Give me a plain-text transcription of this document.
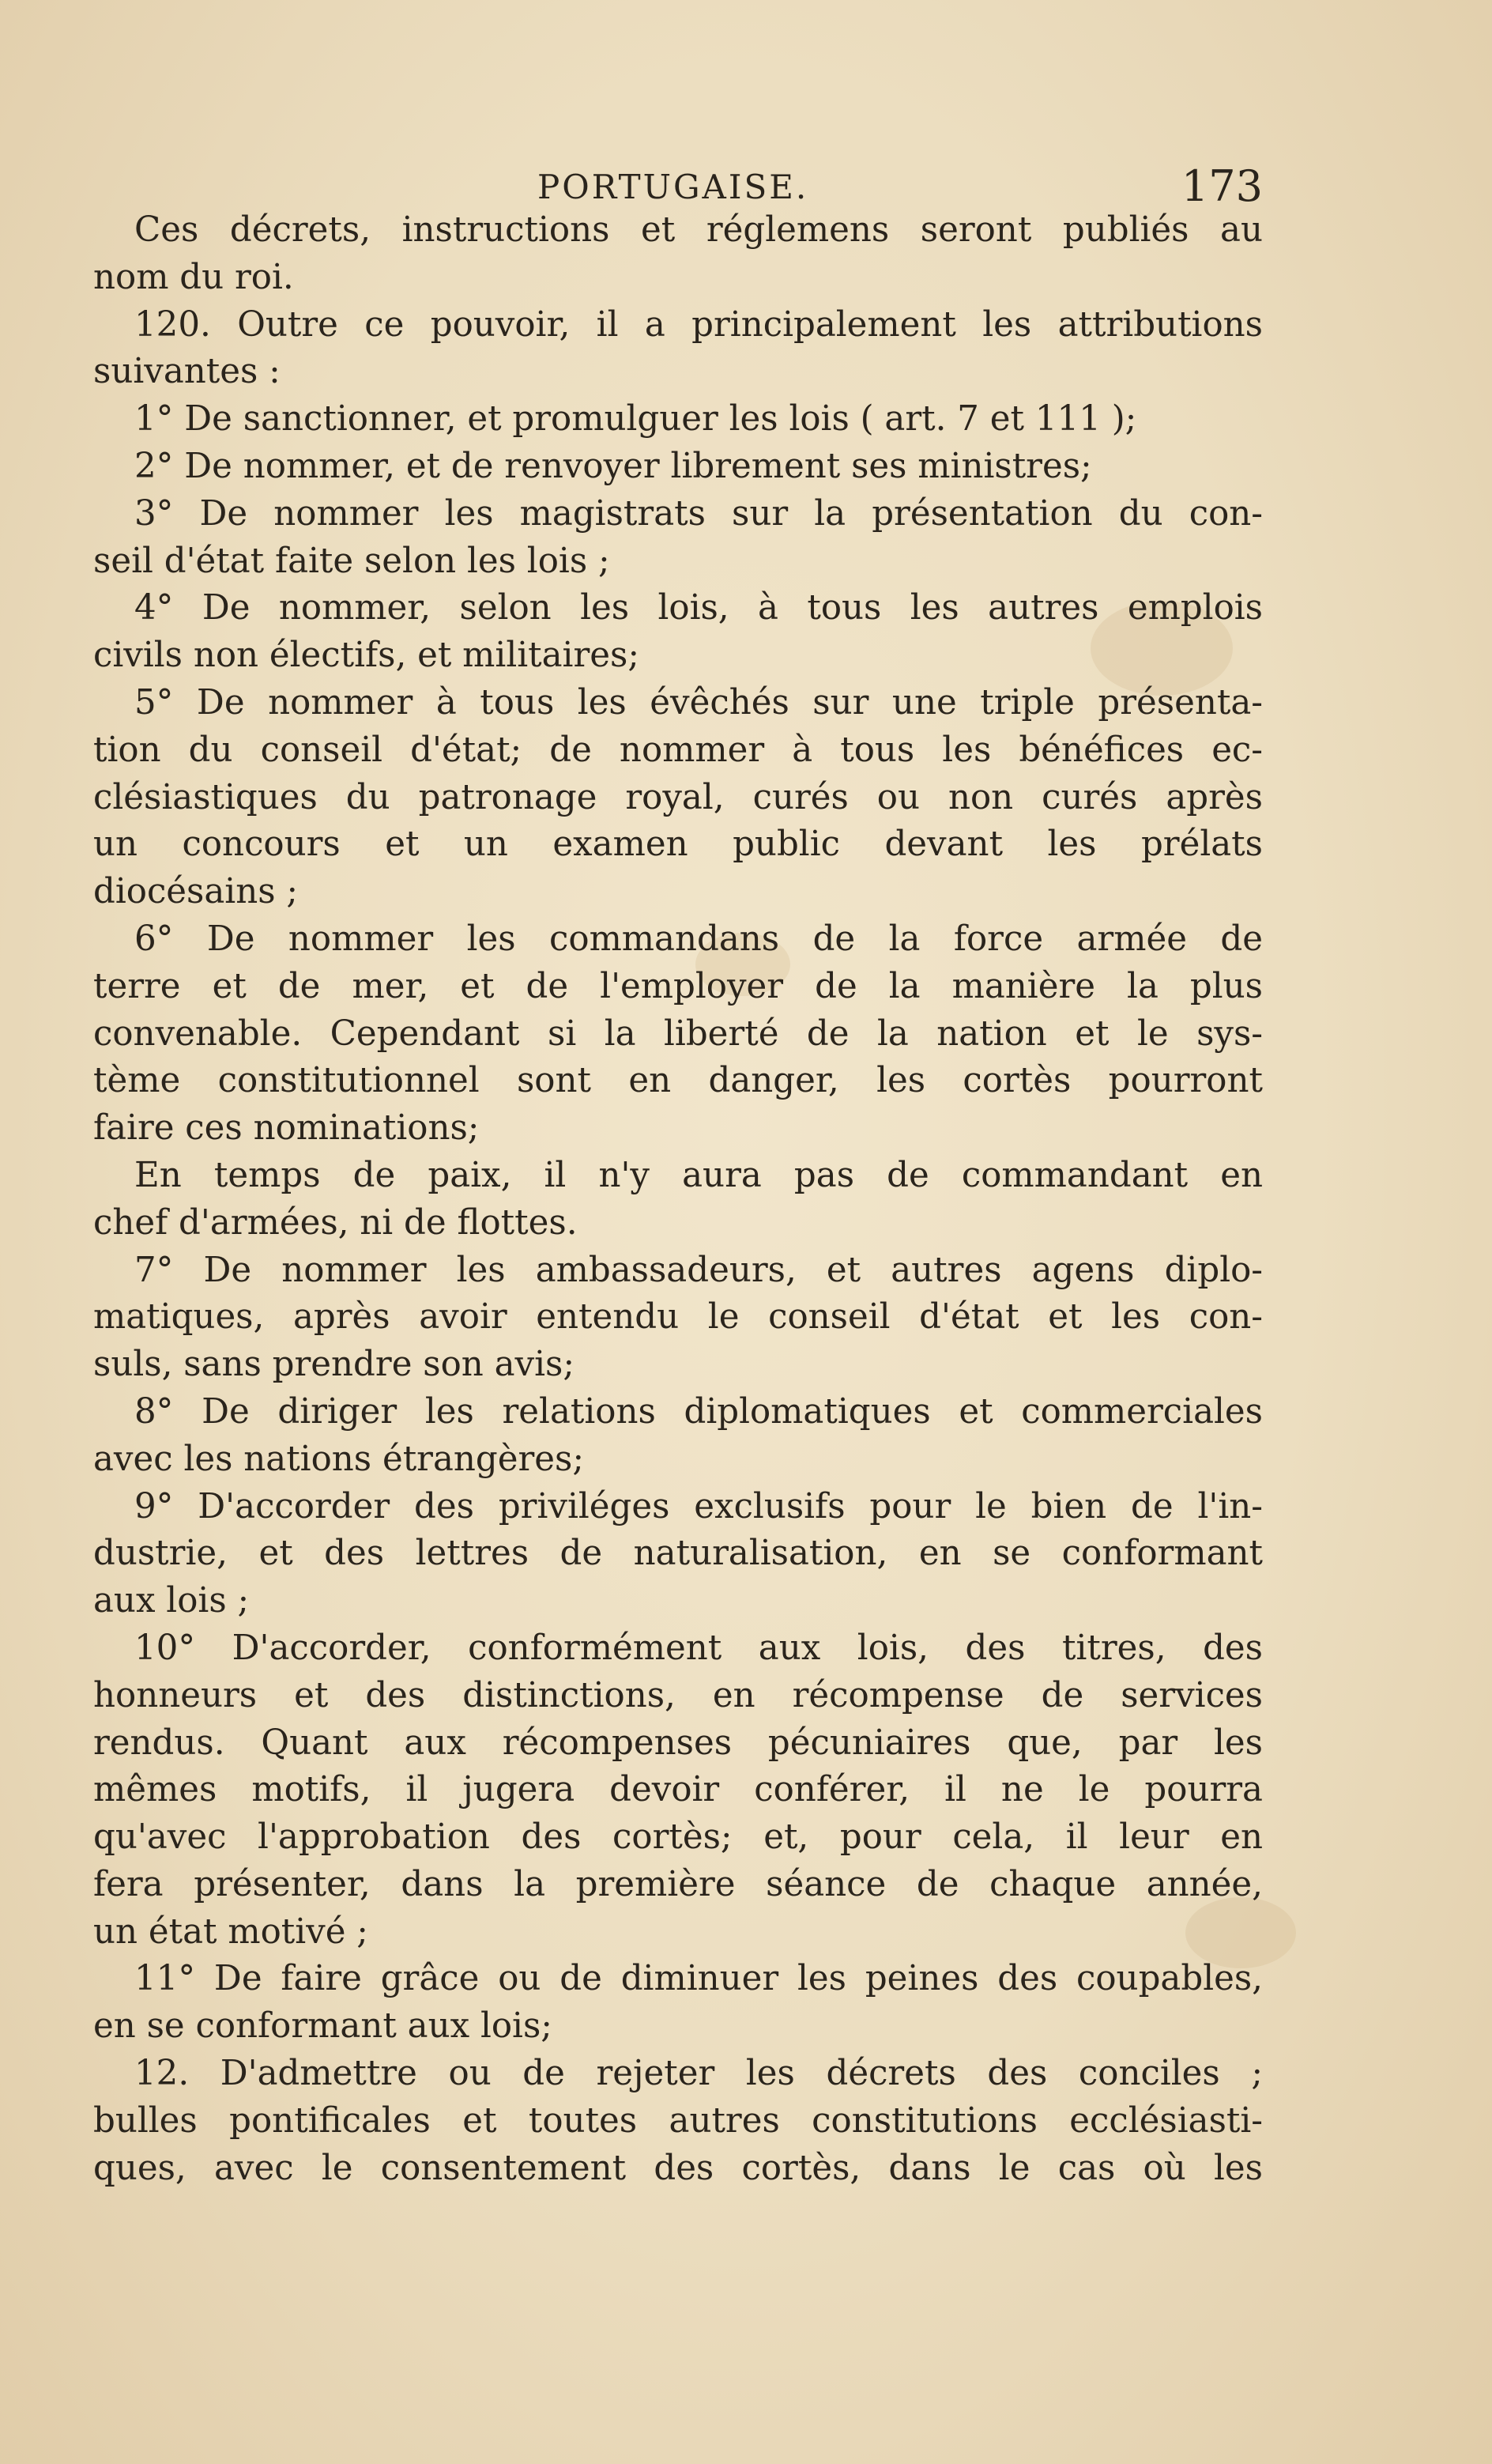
PORTUGAISE.	173
Ces décrets, instructions et réglemens seront publiés au
nom du roi.
120. Outre ce pouvoir, il a principalement les attributions
suivantes :
1° De sanctionner, et promulguer les lois ( art. 7 et 111 );
2° De nommer, et de renvoyer librement ses ministres;
3° De nommer les magistrats sur la présentation du con-
seil d'état faite selon les lois ;
4° De nommer, selon les lois, à tous les autres emplois
civils non électifs, et militaires;
5° De nommer à tous les évêchés sur une triple présenta-
tion du conseil d'état; de nommer à tous les bénéfices ec-
clésiastiques du patronage royal, curés ou non curés après
un concours et un examen public devant les prélats
diocésains ;
6° De nommer les commandans de la force armée de
terre et de mer, et de l'employer de la manière la plus
convenable. Cependant si la liberté de la nation et le sys-
tème constitutionnel sont en danger, les cortès pourront
faire ces nominations;
En temps de paix, il n'y aura pas de commandant en
chef d'armées, ni de flottes.
7° De nommer les ambassadeurs, et autres agens diplo-
matiques, après avoir entendu le conseil d'état et les con-
suls, sans prendre son avis;
8° De diriger les relations diplomatiques et commerciales
avec les nations étrangères;
9° D'accorder des priviléges exclusifs pour le bien de l'in-
dustrie, et des lettres de naturalisation, en se conformant
aux lois ;
10° D'accorder, conformément aux lois, des titres, des
honneurs et des distinctions, en récompense de services
rendus. Quant aux récompenses pécuniaires que, par les
mêmes motifs, il jugera devoir conférer, il ne le pourra
qu'avec l'approbation des cortès; et, pour cela, il leur en
fera présenter, dans la première séance de chaque année,
un état motivé ;
11° De faire grâce ou de diminuer les peines des coupables,
en se conformant aux lois;
12. D'admettre ou de rejeter les décrets des conciles ;
bulles pontificales et toutes autres constitutions ecclésiasti-
ques, avec le consentement des cortès, dans le cas où les
